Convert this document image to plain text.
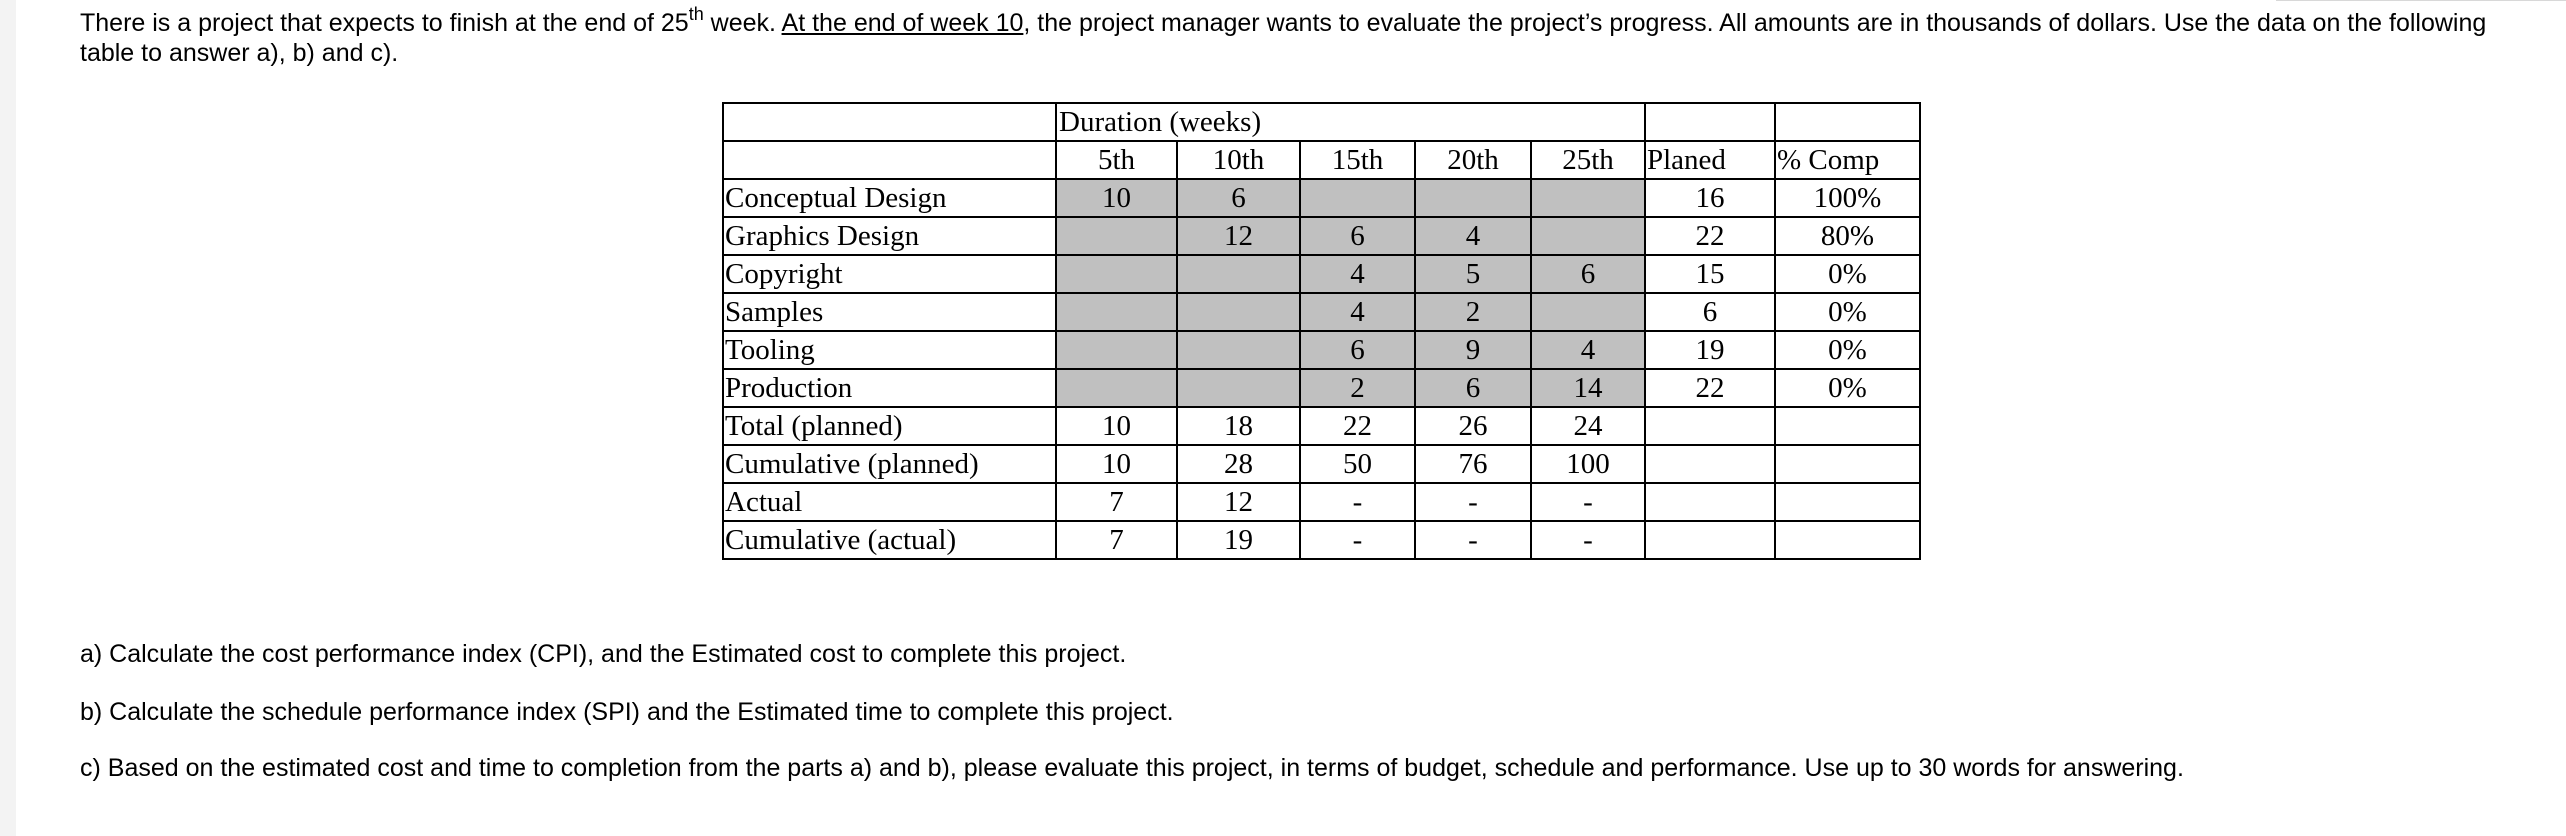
There is a project that expects to finish at the end of 25th week. At the end of week 10, the project manager wants to evaluate the project’s progress. All amounts are in thousands of dollars. Use the data on the following table to answer a), b) and c).
	Duration (weeks)						
	5th	10th	15th	20th	25th	Planed	% Comp
Conceptual Design	10	6				16	100%
Graphics Design		12	6	4		22	80%
Copyright			4	5	6	15	0%
Samples			4	2		6	0%
Tooling			6	9	4	19	0%
Production			2	6	14	22	0%
Total (planned)	10	18	22	26	24		
Cumulative (planned)	10	28	50	76	100		
Actual	7	12	-	-	-		
Cumulative (actual)	7	19	-	-	-		
a) Calculate the cost performance index (CPI), and the Estimated cost to complete this project.
b) Calculate the schedule performance index (SPI) and the Estimated time to complete this project.
c) Based on the estimated cost and time to completion from the parts a) and b), please evaluate this project, in terms of budget, schedule and performance. Use up to 30 words for answering.
